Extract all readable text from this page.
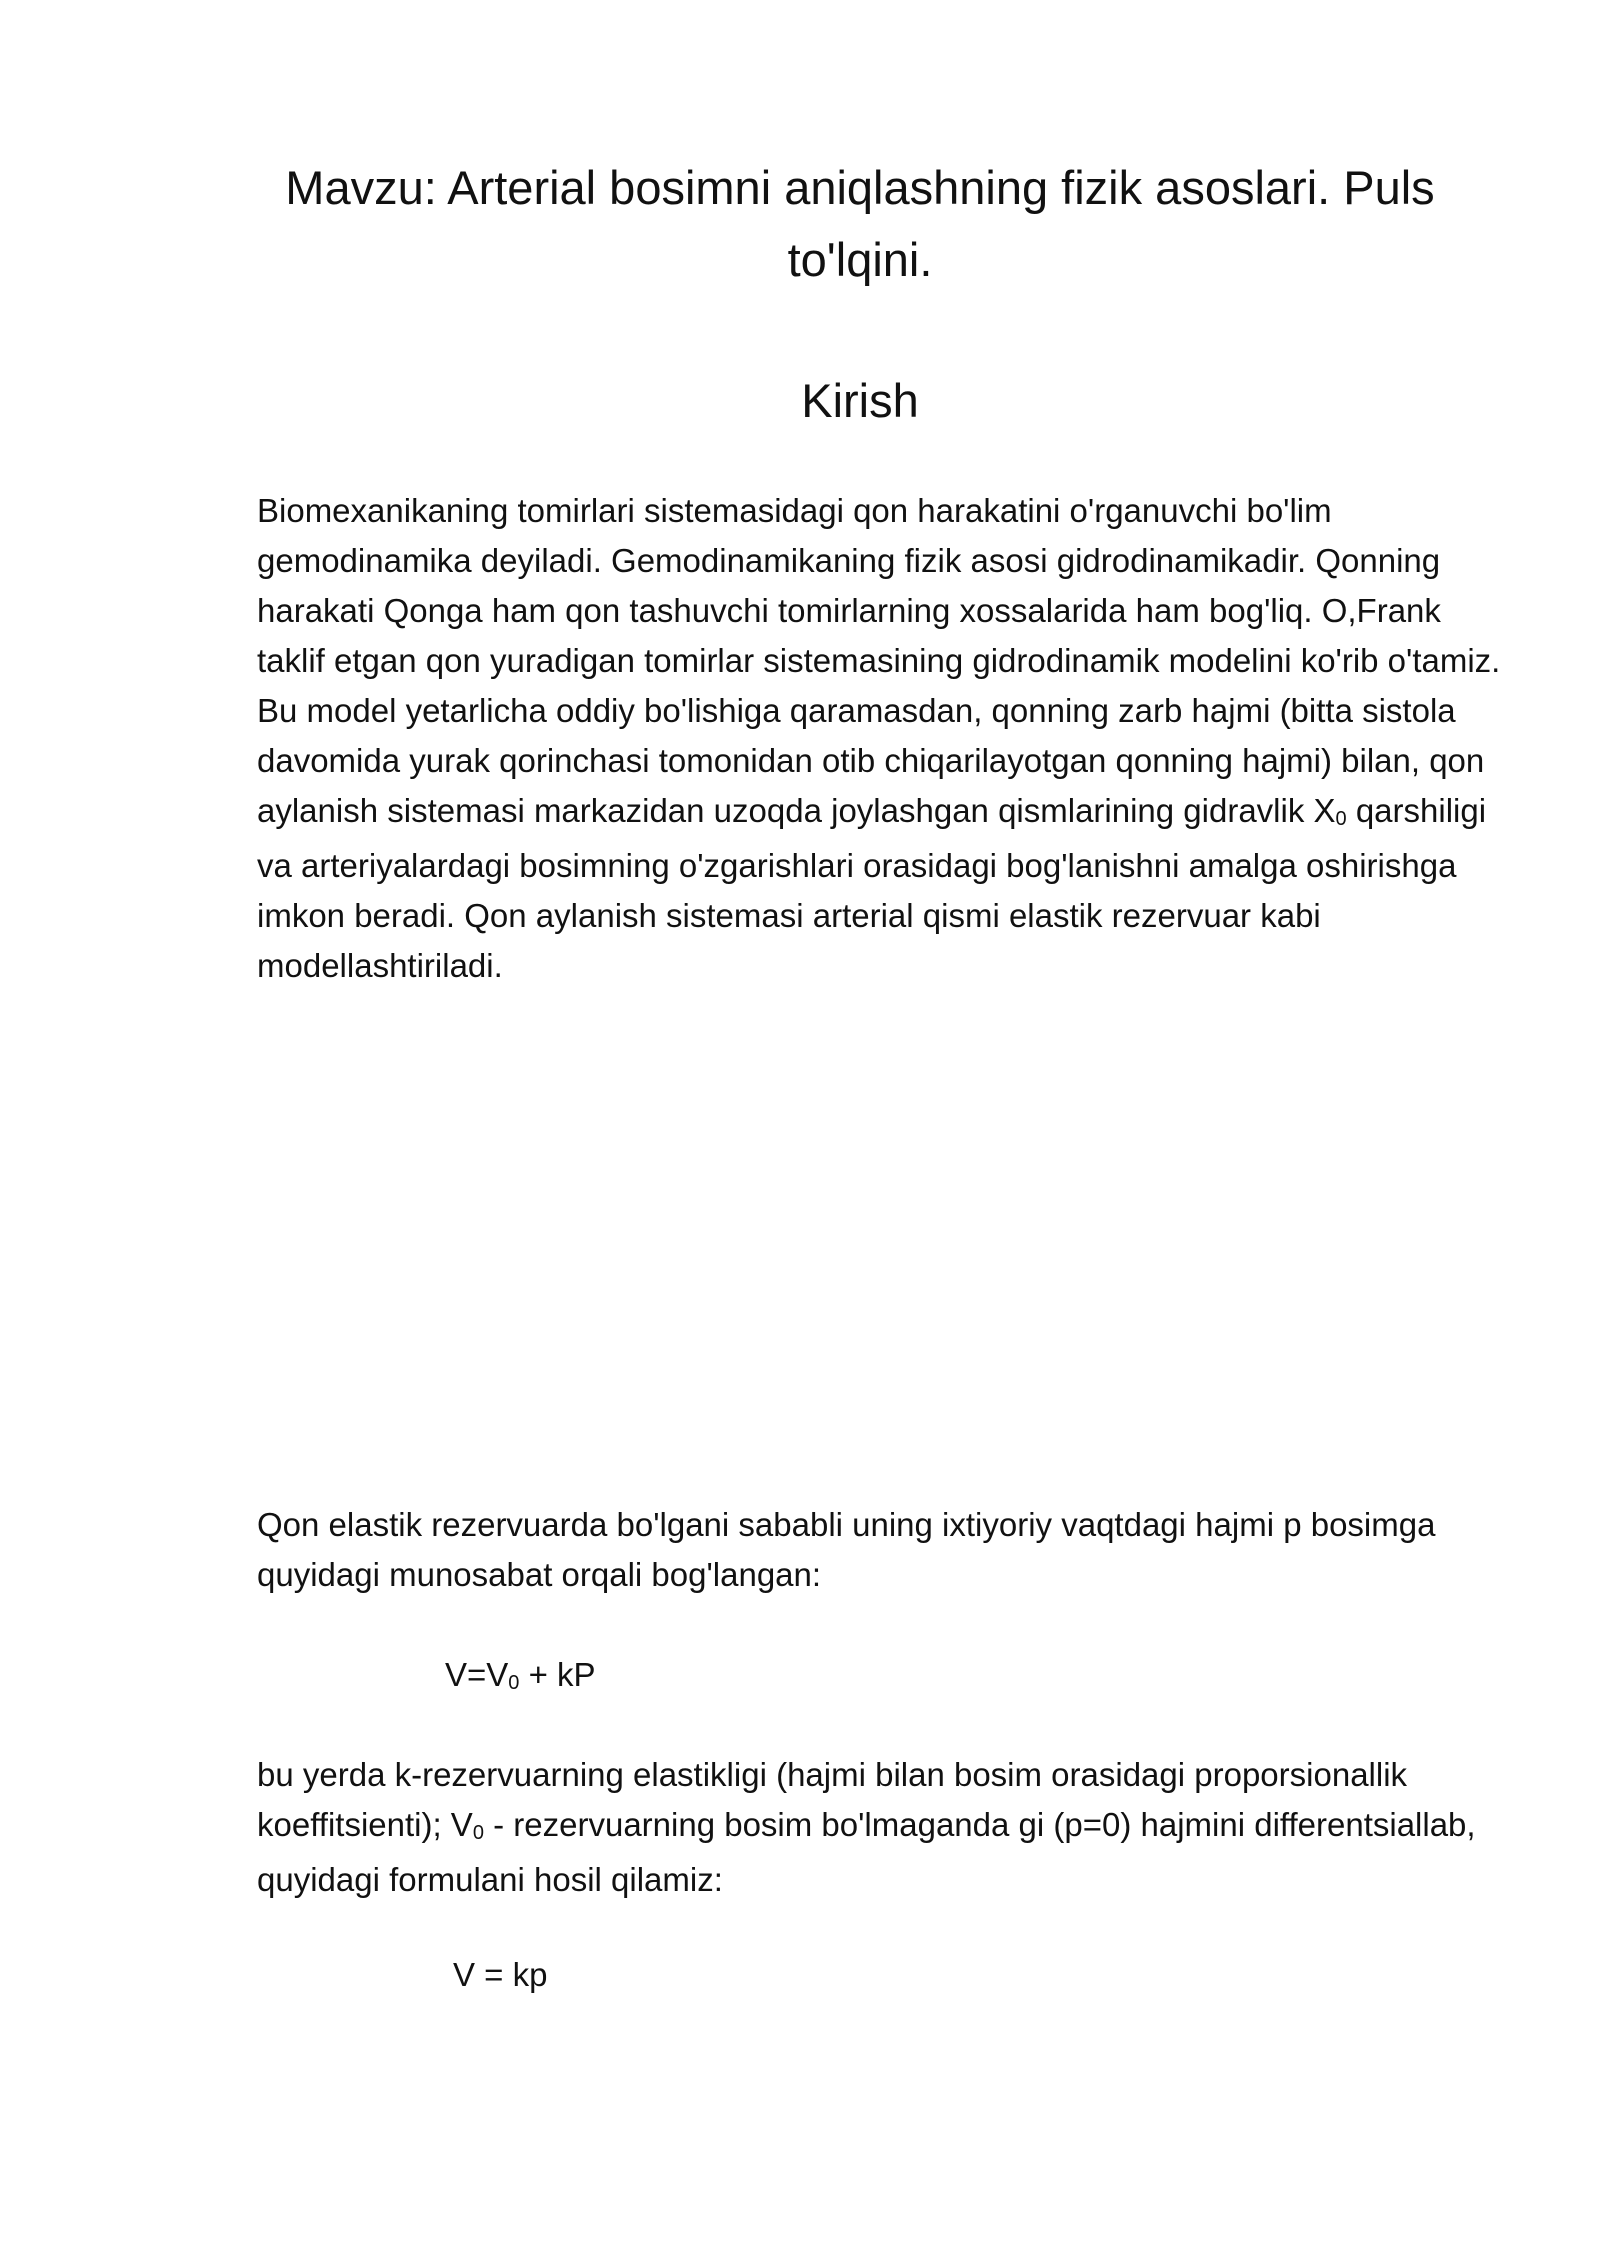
Mavzu: Arterial bosimni aniqlashning fizik asoslari. Puls to'lqini.
Kirish

Biomexanikaning tomirlari sistemasidagi qon harakatini o'rganuvchi bo'lim gemodinamika deyiladi. Gemodinamikaning fizik asosi gidrodinamikadir. Qonning harakati Qonga ham qon tashuvchi tomirlarning xossalarida ham bog'liq. O,Frank taklif etgan qon yuradigan tomirlar sistemasining gidrodinamik modelini ko'rib o'tamiz. Bu model yetarlicha oddiy bo'lishiga qaramasdan, qonning zarb hajmi (bitta sistola davomida yurak qorinchasi tomonidan otib chiqarilayotgan qonning hajmi) bilan, qon aylanish sistemasi markazidan uzoqda joylashgan qismlarining gidravlik $X_0$ qarshiligi va arteriyalardagi bosimning o'zgarishlari orasidagi bog'lanishni amalga oshirishga imkon beradi. Qon aylanish sistemasi arterial qismi elastik rezervuar kabi modellashtiriladi.

Qon elastik rezervuarda bo'lgani sababli uning ixtiyoriy vaqtdagi hajmi p bosimga quyidagi munosabat orqali bog'langan:

$V=V_0$ + kP

bu yerda k-rezervuarning elastikligi (hajmi bilan bosim orasidagi proporsionallik koeffitsienti); $V_0$ - rezervuarning bosim bo'lmaganda gi (p=0) hajmini differentsiallab, quyidagi formulani hosil qilamiz:

V = kp
